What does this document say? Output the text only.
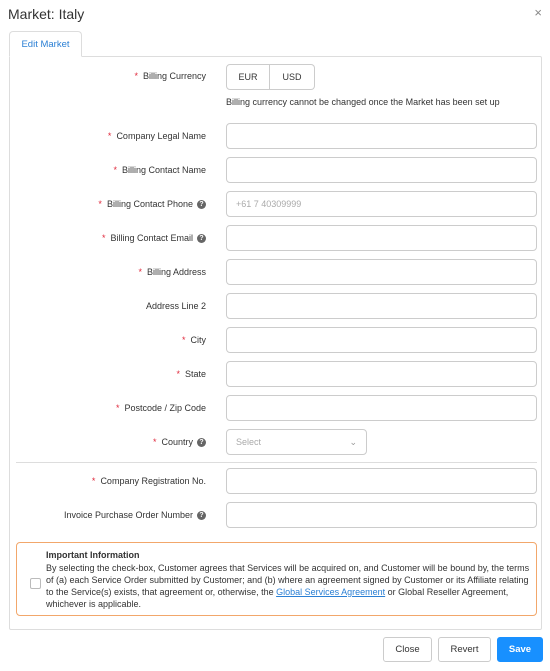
Market: Italy	×
Edit Market
* Billing Currency	EUR	USD
Billing currency cannot be changed once the Market has been set up
* Company Legal Name
* Billing Contact Name
* Billing Contact Phone ?
+61 7 40309999
* Billing Contact Email ?
* Billing Address
Address Line 2
* City
* State
* Postcode / Zip Code
* Country ?	Select	⌄
* Company Registration No.
Invoice Purchase Order Number ?
Important Information
By selecting the check-box, Customer agrees that Services will be acquired on, and Customer will be bound by, the terms of (a) each Service Order submitted by Customer; and (b) where an agreement signed by Customer or its Affiliate relating to the Service(s) exists, that agreement or, otherwise, the Global Services Agreement or Global Reseller Agreement, whichever is applicable.
Close	Revert	Save
